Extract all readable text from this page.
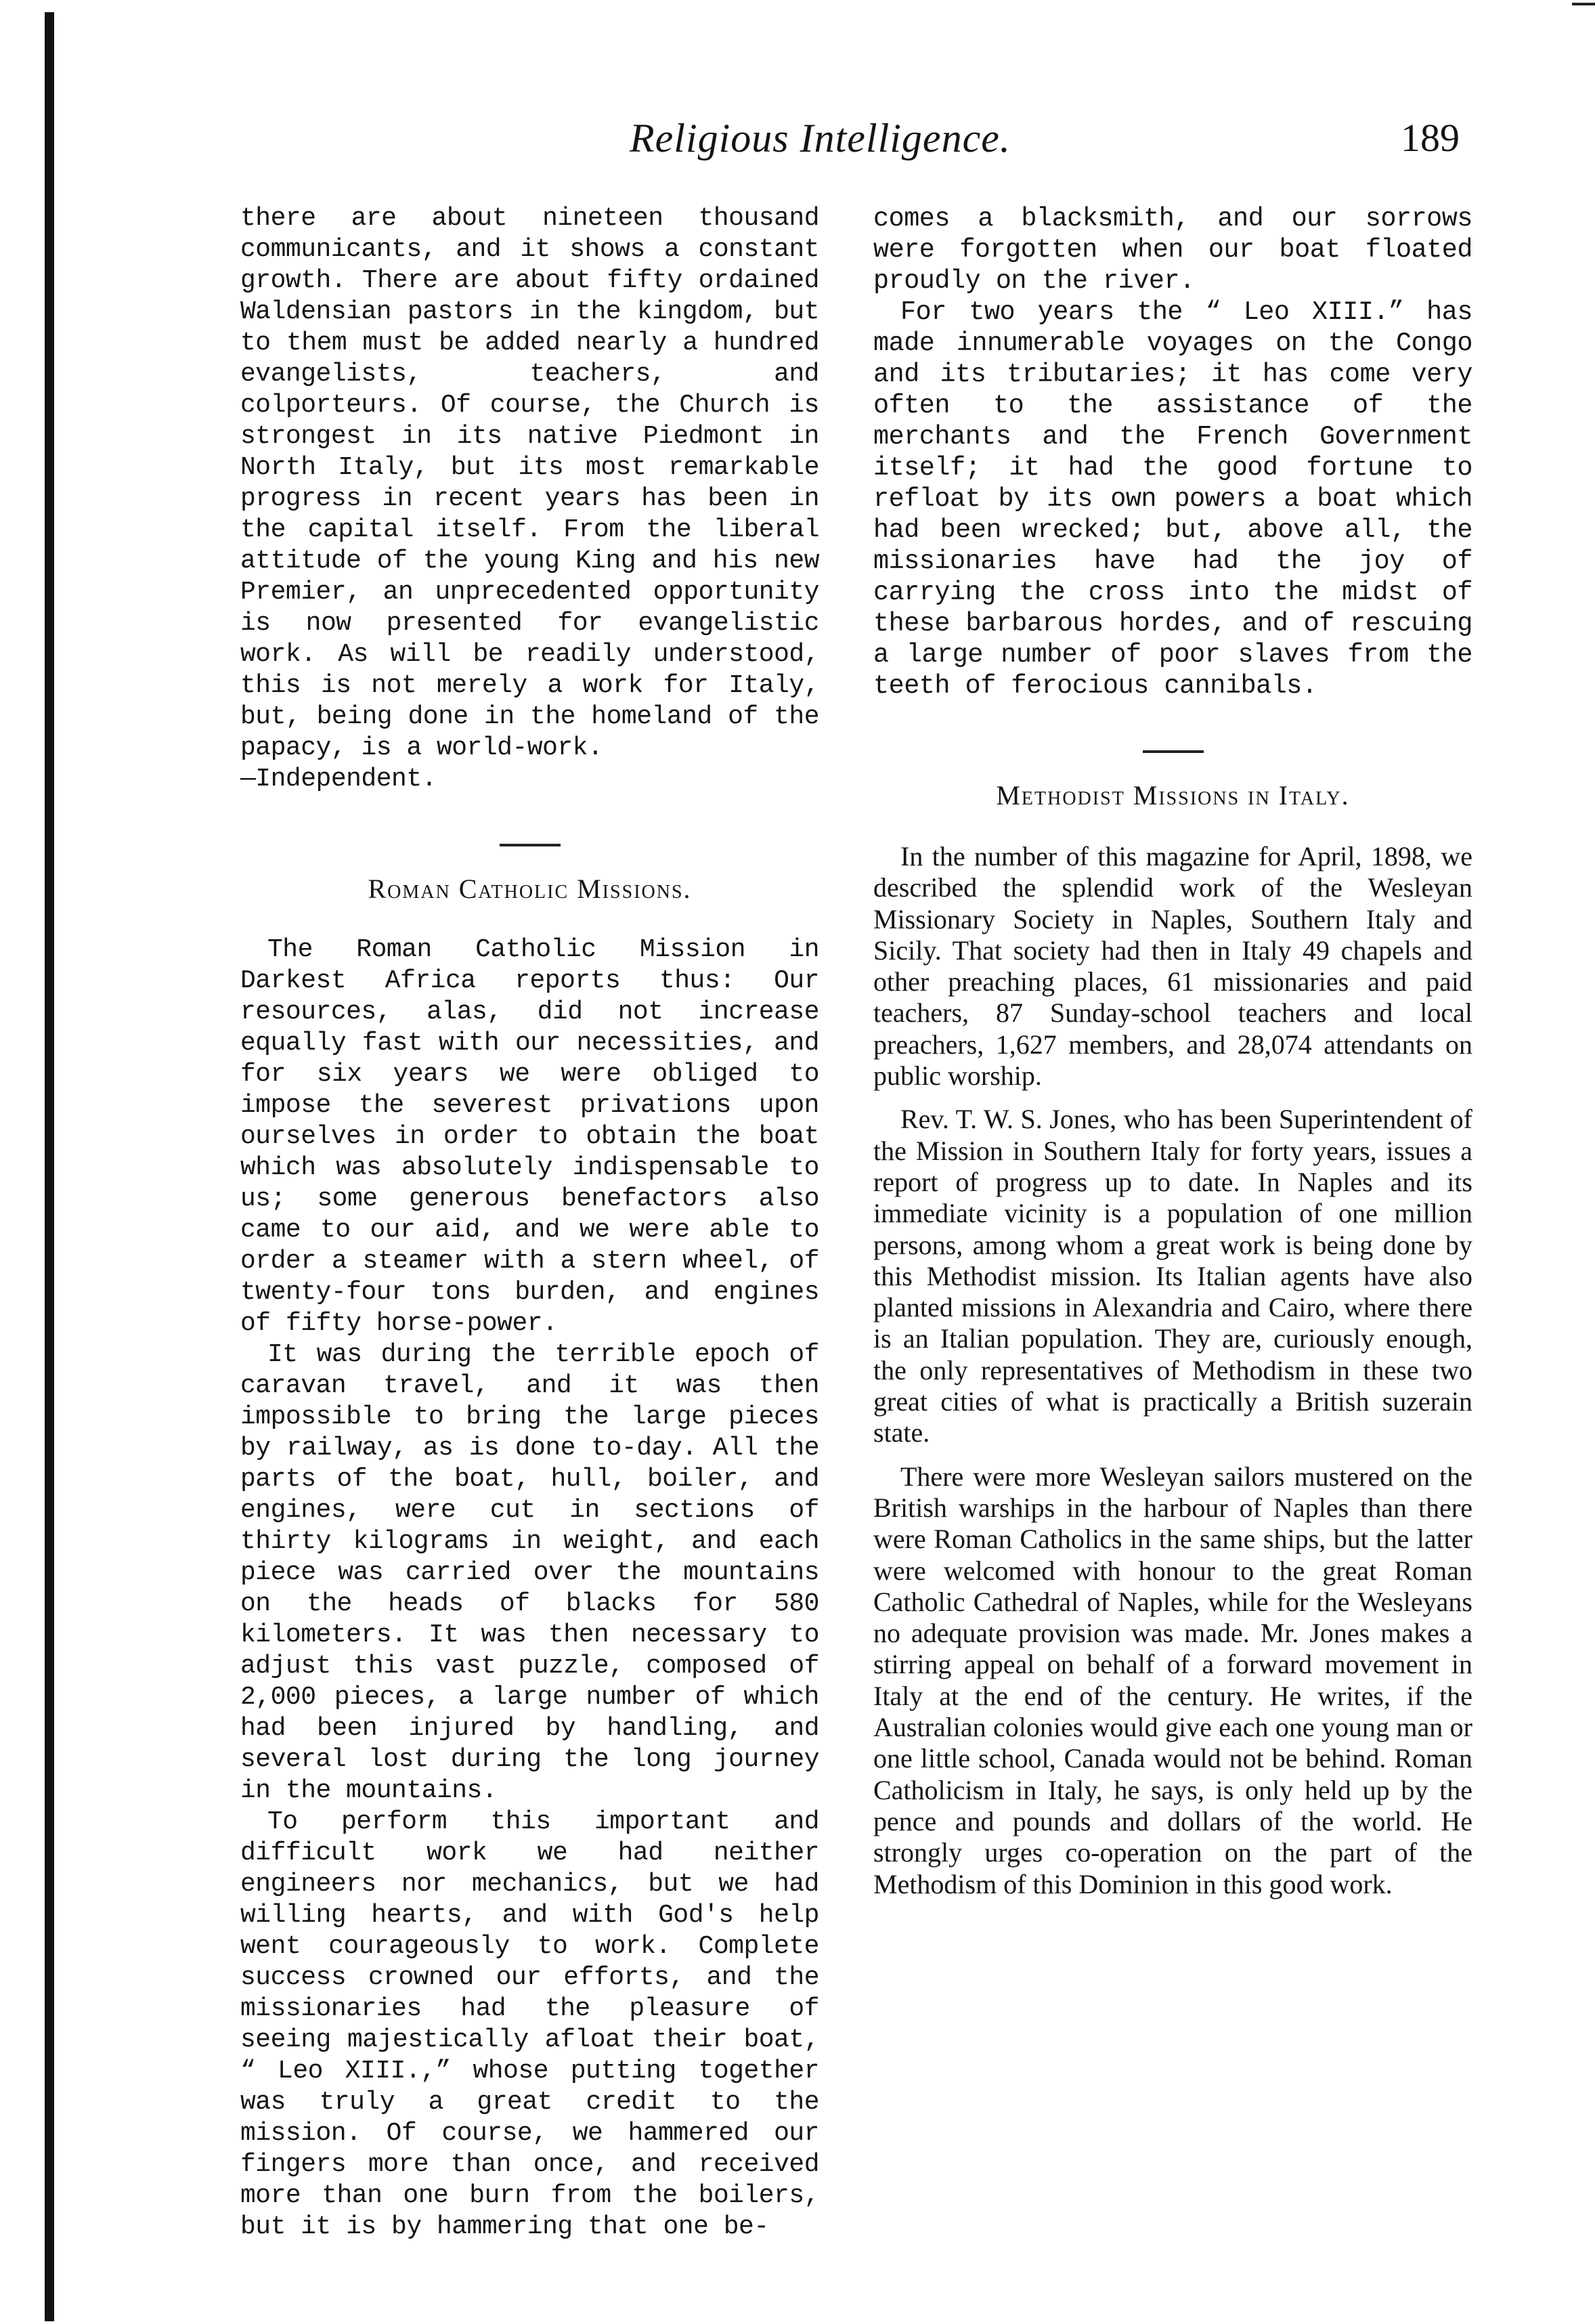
Religious Intelligence.	189

there are about nineteen thousand communicants, and it shows a constant growth. There are about fifty ordained Waldensian pastors in the kingdom, but to them must be added nearly a hundred evangelists, teachers, and colporteurs. Of course, the Church is strongest in its native Piedmont in North Italy, but its most remarkable progress in recent years has been in the capital itself. From the liberal attitude of the young King and his new Premier, an unprecedented opportunity is now presented for evangelistic work. As will be readily understood, this is not merely a work for Italy, but, being done in the homeland of the papacy, is a world-work.

—Independent.

Roman Catholic Missions.

The Roman Catholic Mission in Darkest Africa reports thus: Our resources, alas, did not increase equally fast with our necessities, and for six years we were obliged to impose the severest privations upon ourselves in order to obtain the boat which was absolutely indispensable to us; some generous benefactors also came to our aid, and we were able to order a steamer with a stern wheel, of twenty-four tons burden, and engines of fifty horse-power.

It was during the terrible epoch of caravan travel, and it was then impossible to bring the large pieces by railway, as is done to-day. All the parts of the boat, hull, boiler, and engines, were cut in sections of thirty kilograms in weight, and each piece was carried over the mountains on the heads of blacks for 580 kilometers. It was then necessary to adjust this vast puzzle, composed of 2,000 pieces, a large number of which had been injured by handling, and several lost during the long journey in the mountains.

To perform this important and difficult work we had neither engineers nor mechanics, but we had willing hearts, and with God's help went courageously to work. Complete success crowned our efforts, and the missionaries had the pleasure of seeing majestically afloat their boat, “ Leo XIII.,” whose putting together was truly a great credit to the mission. Of course, we hammered our fingers more than once, and received more than one burn from the boilers, but it is by hammering that one be-

comes a blacksmith, and our sorrows were forgotten when our boat floated proudly on the river.

For two years the “ Leo XIII.” has made innumerable voyages on the Congo and its tributaries; it has come very often to the assistance of the merchants and the French Government itself; it had the good fortune to refloat by its own powers a boat which had been wrecked; but, above all, the missionaries have had the joy of carrying the cross into the midst of these barbarous hordes, and of rescuing a large number of poor slaves from the teeth of ferocious cannibals.

Methodist Missions in Italy.

In the number of this magazine for April, 1898, we described the splendid work of the Wesleyan Missionary Society in Naples, Southern Italy and Sicily. That society had then in Italy 49 chapels and other preaching places, 61 missionaries and paid teachers, 87 Sunday-school teachers and local preachers, 1,627 members, and 28,074 attendants on public worship.

Rev. T. W. S. Jones, who has been Superintendent of the Mission in Southern Italy for forty years, issues a report of progress up to date. In Naples and its immediate vicinity is a population of one million persons, among whom a great work is being done by this Methodist mission. Its Italian agents have also planted missions in Alexandria and Cairo, where there is an Italian population. They are, curiously enough, the only representatives of Methodism in these two great cities of what is practically a British suzerain state.

There were more Wesleyan sailors mustered on the British warships in the harbour of Naples than there were Roman Catholics in the same ships, but the latter were welcomed with honour to the great Roman Catholic Cathedral of Naples, while for the Wesleyans no adequate provision was made. Mr. Jones makes a stirring appeal on behalf of a forward movement in Italy at the end of the century. He writes, if the Australian colonies would give each one young man or one little school, Canada would not be behind. Roman Catholicism in Italy, he says, is only held up by the pence and pounds and dollars of the world. He strongly urges co-operation on the part of the Methodism of this Dominion in this good work.
